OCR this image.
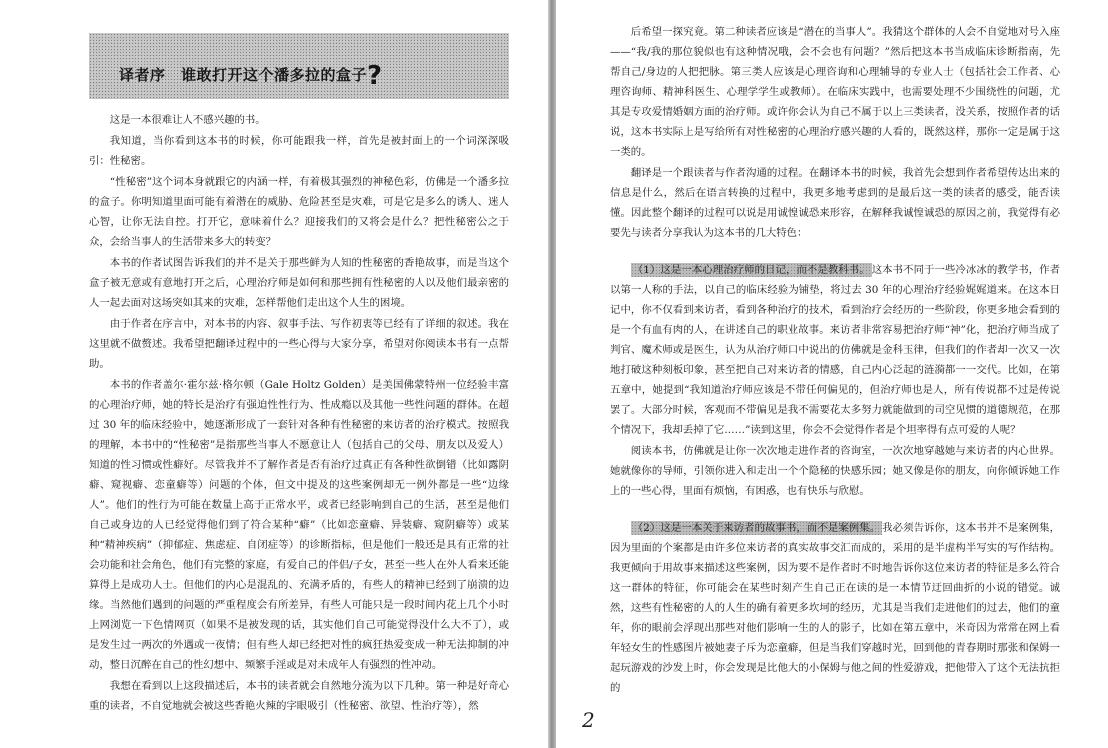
译者序　谁敢打开这个潘多拉的盒子?

这是一本很难让人不感兴趣的书。

我知道，当你看到这本书的时候，你可能跟我一样，首先是被封面上的一个词深深吸引：性秘密。

“性秘密”这个词本身就跟它的内涵一样，有着极其强烈的神秘色彩，仿佛是一个潘多拉的盒子。你明知道里面可能有着潜在的威胁、危险甚至是灾难，可是它是多么的诱人、迷人心智，让你无法自控。打开它，意味着什么？迎接我们的又将会是什么？把性秘密公之于众，会给当事人的生活带来多大的转变？

本书的作者试图告诉我们的并不是关于那些鲜为人知的性秘密的香艳故事，而是当这个盒子被无意或有意地打开之后，心理治疗师是如何和那些拥有性秘密的人以及他们最亲密的人一起去面对这场突如其来的灾难，怎样帮他们走出这个人生的困境。

由于作者在序言中，对本书的内容、叙事手法、写作初衷等已经有了详细的叙述。我在这里就不做赘述。我希望把翻译过程中的一些心得与大家分享，希望对你阅读本书有一点帮助。

本书的作者盖尔·霍尔兹·格尔顿（Gale Holtz Golden）是美国佛蒙特州一位经验丰富的心理治疗师，她的特长是治疗有强迫性性行为、性成瘾以及其他一些性问题的群体。在超过 30 年的临床经验中，她逐渐形成了一套针对各种有性秘密的来访者的治疗模式。按照我的理解，本书中的“性秘密”是指那些当事人不愿意让人（包括自己的父母、朋友以及爱人）知道的性习惯或性癖好。尽管我并不了解作者是否有治疗过真正有各种性欲倒错（比如露阴癖、窥视癖、恋童癖等）问题的个体，但文中提及的这些案例却无一例外都是一些“边缘人”。他们的性行为可能在数量上高于正常水平，或者已经影响到自己的生活，甚至是他们自己或身边的人已经觉得他们到了符合某种“癖”（比如恋童癖、异装癖、窥阴癖等）或某种“精神疾病”（抑郁症、焦虑症、自闭症等）的诊断指标，但是他们一般还是具有正常的社会功能和社会角色，他们有完整的家庭，有爱自己的伴侣/子女，甚至一些人在外人看来还能算得上是成功人士。但他们的内心是混乱的、充满矛盾的，有些人的精神已经到了崩溃的边缘。当然他们遇到的问题的严重程度会有所差异，有些人可能只是一段时间内花上几个小时上网浏览一下色情网页（如果不是被发现的话，其实他们自己可能觉得没什么大不了），或是发生过一两次的外遇或一夜情；但有些人却已经把对性的疯狂热爱变成一种无法抑制的冲动，整日沉醉在自己的性幻想中、频繁手淫或是对未成年人有强烈的性冲动。

我想在看到以上这段描述后，本书的读者就会自然地分流为以下几种。第一种是好奇心重的读者，不自觉地就会被这些香艳火辣的字眼吸引（性秘密、欲望、性治疗等），然

后希望一探究竟。第二种读者应该是“潜在的当事人”。我猜这个群体的人会不自觉地对号入座——“我/我的那位貌似也有这种情况哦，会不会也有问题？”然后把这本书当成临床诊断指南，先帮自己/身边的人把把脉。第三类人应该是心理咨询和心理辅导的专业人士（包括社会工作者、心理咨询师、精神科医生、心理学学生或教师）。在临床实践中，也需要处理不少围绕性的问题，尤其是专攻爱情婚姻方面的治疗师。或许你会认为自己不属于以上三类读者，没关系，按照作者的话说，这本书实际上是写给所有对性秘密的心理治疗感兴趣的人看的，既然这样，那你一定是属于这一类的。

翻译是一个跟读者与作者沟通的过程。在翻译本书的时候，我首先会想到作者希望传达出来的信息是什么，然后在语言转换的过程中，我更多地考虑到的是最后这一类的读者的感受，能否读懂。因此整个翻译的过程可以说是用诚惶诚恐来形容，在解释我诚惶诚恐的原因之前，我觉得有必要先与读者分享我认为这本书的几大特色：

（1）这是一本心理治疗师的日记，而不是教科书。 这本书不同于一些冷冰冰的教学书，作者以第一人称的手法，以自己的临床经验为铺垫，将过去 30 年的心理治疗经验娓娓道来。在这本日记中，你不仅看到来访者，看到各种治疗的技术，看到治疗会经历的一些阶段，你更多地会看到的是一个有血有肉的人，在讲述自己的职业故事。来访者非常容易把治疗师“神”化，把治疗师当成了判官、魔术师或是医生，认为从治疗师口中说出的仿佛就是金科玉律，但我们的作者却一次又一次地打破这种刻板印象，甚至把自己对来访者的情感，自己内心泛起的涟漪都一一交代。比如，在第五章中，她提到“我知道治疗师应该是不带任何偏见的，但治疗师也是人，所有传说都不过是传说罢了。大部分时候，客观而不带偏见是我不需要花太多努力就能做到的司空见惯的道德规范，在那个情况下，我却丢掉了它……”读到这里，你会不会觉得作者是个坦率得有点可爱的人呢？

阅读本书，仿佛就是让你一次次地走进作者的咨询室，一次次地穿越她与来访者的内心世界。她就像你的导师，引领你进入和走出一个个隐秘的快感乐园；她又像是你的朋友，向你倾诉她工作上的一些心得，里面有烦恼，有困惑，也有快乐与欣慰。

（2）这是一本关于来访者的故事书，而不是案例集。 我必须告诉你，这本书并不是案例集，因为里面的个案都是由许多位来访者的真实故事交汇而成的，采用的是半虚构半写实的写作结构。我更倾向于用故事来描述这些案例，因为要不是作者时不时地告诉你这位来访者的特征是多么符合这一群体的特征，你可能会在某些时刻产生自己正在读的是一本情节迂回曲折的小说的错觉。诚然，这些有性秘密的人的人生的确有着更多坎坷的经历，尤其是当我们走进他们的过去，他们的童年，你的眼前会浮现出那些对他们影响一生的人的影子，比如在第五章中，米奇因为常常在网上看年轻女生的性感图片被她妻子斥为恋童癖，但是当我们穿越时光，回到他的青春期时那张和保姆一起玩游戏的沙发上时，你会发现是比他大的小保姆与他之间的性爱游戏，把他带入了这个无法抗拒的

2
